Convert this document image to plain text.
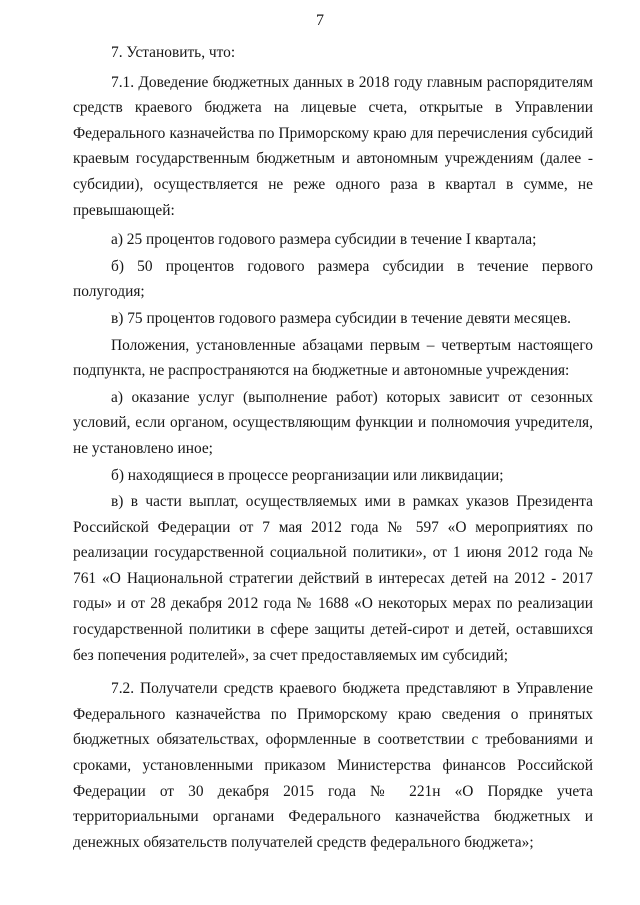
7

7. Установить, что:

7.1. Доведение бюджетных данных в 2018 году главным распорядителям средств краевого бюджета на лицевые счета, открытые в Управлении Федерального казначейства по Приморскому краю для перечисления субсидий краевым государственным бюджетным и автономным учреждениям (далее - субсидии), осуществляется не реже одного раза в квартал в сумме, не превышающей:

а) 25 процентов годового размера субсидии в течение I квартала;

б) 50 процентов годового размера субсидии в течение первого полугодия;

в) 75 процентов годового размера субсидии в течение девяти месяцев.

Положения, установленные абзацами первым – четвертым настоящего подпункта, не распространяются на бюджетные и автономные учреждения:

а) оказание услуг (выполнение работ) которых зависит от сезонных условий, если органом, осуществляющим функции и полномочия учредителя, не установлено иное;

б) находящиеся в процессе реорганизации или ликвидации;

в) в части выплат, осуществляемых ими в рамках указов Президента Российской Федерации от 7 мая 2012 года № 597 «О мероприятиях по реализации государственной социальной политики», от 1 июня 2012 года № 761 «О Национальной стратегии действий в интересах детей на 2012 - 2017 годы» и от 28 декабря 2012 года № 1688 «О некоторых мерах по реализации государственной политики в сфере защиты детей-сирот и детей, оставшихся без попечения родителей», за счет предоставляемых им субсидий;

7.2. Получатели средств краевого бюджета представляют в Управление Федерального казначейства по Приморскому краю сведения о принятых бюджетных обязательствах, оформленные в соответствии с требованиями и сроками, установленными приказом Министерства финансов Российской Федерации от 30 декабря 2015 года № 221н «О Порядке учета территориальными органами Федерального казначейства бюджетных и денежных обязательств получателей средств федерального бюджета»;
